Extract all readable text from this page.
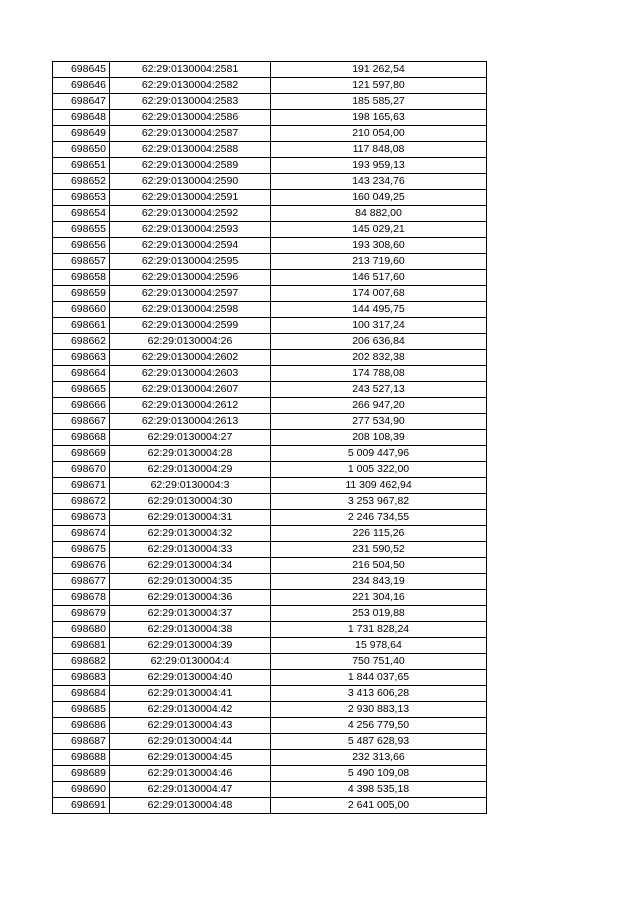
698645	62:29:0130004:2581	191 262,54
698646	62:29:0130004:2582	121 597,80
698647	62:29:0130004:2583	185 585,27
698648	62:29:0130004:2586	198 165,63
698649	62:29:0130004:2587	210 054,00
698650	62:29:0130004:2588	117 848,08
698651	62:29:0130004:2589	193 959,13
698652	62:29:0130004:2590	143 234,76
698653	62:29:0130004:2591	160 049,25
698654	62:29:0130004:2592	84 882,00
698655	62:29:0130004:2593	145 029,21
698656	62:29:0130004:2594	193 308,60
698657	62:29:0130004:2595	213 719,60
698658	62:29:0130004:2596	146 517,60
698659	62:29:0130004:2597	174 007,68
698660	62:29:0130004:2598	144 495,75
698661	62:29:0130004:2599	100 317,24
698662	62:29:0130004:26	206 636,84
698663	62:29:0130004:2602	202 832,38
698664	62:29:0130004:2603	174 788,08
698665	62:29:0130004:2607	243 527,13
698666	62:29:0130004:2612	266 947,20
698667	62:29:0130004:2613	277 534,90
698668	62:29:0130004:27	208 108,39
698669	62:29:0130004:28	5 009 447,96
698670	62:29:0130004:29	1 005 322,00
698671	62:29:0130004:3	11 309 462,94
698672	62:29:0130004:30	3 253 967,82
698673	62:29:0130004:31	2 246 734,55
698674	62:29:0130004:32	226 115,26
698675	62:29:0130004:33	231 590,52
698676	62:29:0130004:34	216 504,50
698677	62:29:0130004:35	234 843,19
698678	62:29:0130004:36	221 304,16
698679	62:29:0130004:37	253 019,88
698680	62:29:0130004:38	1 731 828,24
698681	62:29:0130004:39	15 978,64
698682	62:29:0130004:4	750 751,40
698683	62:29:0130004:40	1 844 037,65
698684	62:29:0130004:41	3 413 606,28
698685	62:29:0130004:42	2 930 883,13
698686	62:29:0130004:43	4 256 779,50
698687	62:29:0130004:44	5 487 628,93
698688	62:29:0130004:45	232 313,66
698689	62:29:0130004:46	5 490 109,08
698690	62:29:0130004:47	4 398 535,18
698691	62:29:0130004:48	2 641 005,00
